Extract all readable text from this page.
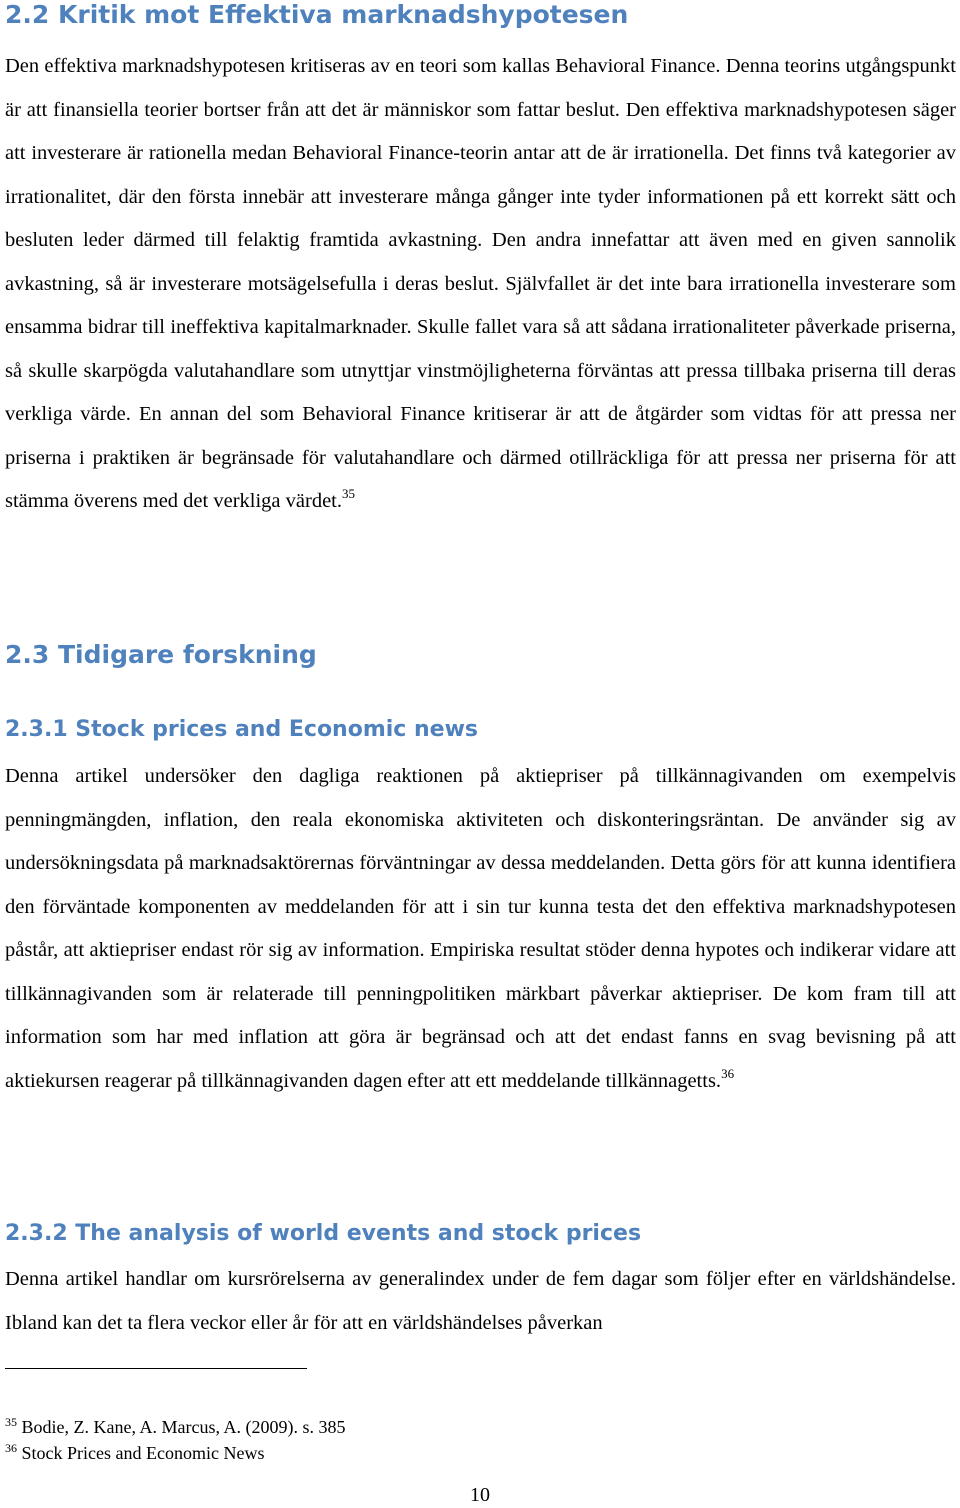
2.2 Kritik mot Effektiva marknadshypotesen

Den effektiva marknadshypotesen kritiseras av en teori som kallas Behavioral Finance. Denna teorins utgångspunkt är att finansiella teorier bortser från att det är människor som fattar beslut. Den effektiva marknadshypotesen säger att investerare är rationella medan Behavioral Finance-teorin antar att de är irrationella. Det finns två kategorier av irrationalitet, där den första innebär att investerare många gånger inte tyder informationen på ett korrekt sätt och besluten leder därmed till felaktig framtida avkastning. Den andra innefattar att även med en given sannolik avkastning, så är investerare motsägelsefulla i deras beslut. Självfallet är det inte bara irrationella investerare som ensamma bidrar till ineffektiva kapitalmarknader. Skulle fallet vara så att sådana irrationaliteter påverkade priserna, så skulle skarpögda valutahandlare som utnyttjar vinstmöjligheterna förväntas att pressa tillbaka priserna till deras verkliga värde. En annan del som Behavioral Finance kritiserar är att de åtgärder som vidtas för att pressa ner priserna i praktiken är begränsade för valutahandlare och därmed otillräckliga för att pressa ner priserna för att stämma överens med det verkliga värdet.$^{35}$

2.3 Tidigare forskning
2.3.1 Stock prices and Economic news

Denna artikel undersöker den dagliga reaktionen på aktiepriser på tillkännagivanden om exempelvis penningmängden, inflation, den reala ekonomiska aktiviteten och diskonteringsräntan. De använder sig av undersökningsdata på marknadsaktörernas förväntningar av dessa meddelanden. Detta görs för att kunna identifiera den förväntade komponenten av meddelanden för att i sin tur kunna testa det den effektiva marknadshypotesen påstår, att aktiepriser endast rör sig av information. Empiriska resultat stöder denna hypotes och indikerar vidare att tillkännagivanden som är relaterade till penningpolitiken märkbart påverkar aktiepriser. De kom fram till att information som har med inflation att göra är begränsad och att det endast fanns en svag bevisning på att aktiekursen reagerar på tillkännagivanden dagen efter att ett meddelande tillkännagetts.$^{36}$

2.3.2 The analysis of world events and stock prices

Denna artikel handlar om kursrörelserna av generalindex under de fem dagar som följer efter en världshändelse. Ibland kan det ta flera veckor eller år för att en världshändelses påverkan

$^{35}$ Bodie, Z. Kane, A. Marcus, A. (2009). s. 385
$^{36}$ Stock Prices and Economic News
10
